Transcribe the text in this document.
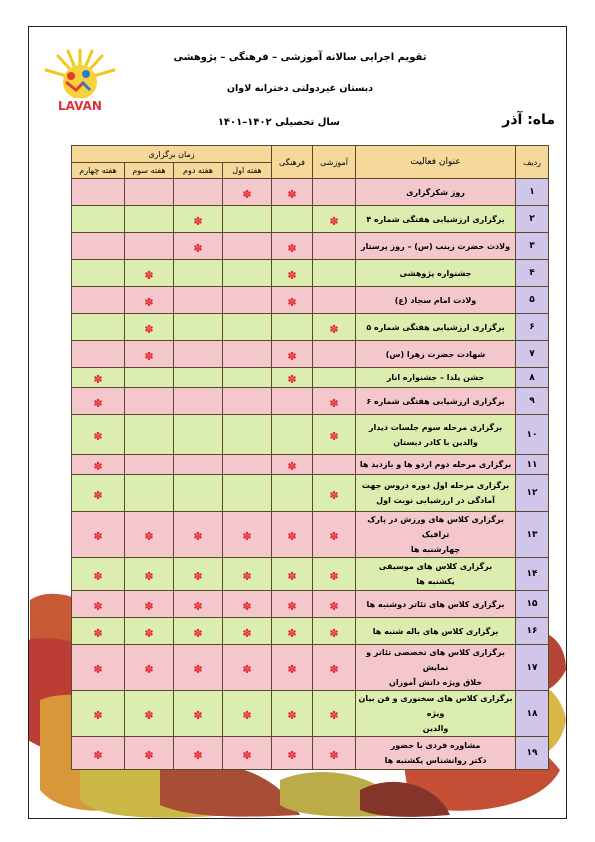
LAVAN
تقویم اجرایی سالانه آموزشی – فرهنگی – پژوهشی
دبستان غیردولتی دخترانه لاوان
ماه: آذر
سال تحصیلی ۱۴۰۲–۱۴۰۱
زمان برگزاری				فرهنگی	آموزشی	عنوان فعالیت	ردیف
هفته چهارم	هفته سوم	هفته دوم	هفته اول				
			✽	✽		روز شکرگزاری	۱
		✽			✽	برگزاری ارزشیابی هفتگی شماره ۴	۲
		✽		✽		ولادت حضرت زینب (س) – روز پرستار	۳
	✽			✽		جشنواره پژوهشی	۴
	✽			✽		ولادت امام سجاد (ع)	۵
	✽				✽	برگزاری ارزشیابی هفتگی شماره ۵	۶
	✽			✽		شهادت حضرت زهرا (س)	۷
✽				✽		جشن یلدا – جشنواره انار	۸
✽					✽	برگزاری ارزشیابی هفتگی شماره ۶	۹
✽					✽	برگزاری مرحله سوم جلسات دیدار
والدین با کادر دبستان	۱۰
✽				✽		برگزاری مرحله دوم اردو ها و بازدید ها	۱۱
✽					✽	برگزاری مرحله اول دوره دروس جهت
آمادگی در ارزشیابی نوبت اول	۱۲
✽	✽	✽	✽	✽	✽	برگزاری کلاس های ورزش در پارک ترافیک
چهارشنبه ها	۱۳
✽	✽	✽	✽	✽	✽	برگزاری کلاس های موسیقی
یکشنبه ها	۱۴
✽	✽	✽	✽	✽	✽	برگزاری کلاس های تئاتر دوشنبه ها	۱۵
✽	✽	✽	✽	✽	✽	برگزاری کلاس های باله شنبه ها	۱۶
✽	✽	✽	✽	✽	✽	برگزاری کلاس های تخصصی تئاتر و نمایش
خلاق ویژه دانش آموزان	۱۷
✽	✽	✽	✽	✽	✽	برگزاری کلاس های سخنوری و فن بیان ویژه
والدین	۱۸
✽	✽	✽	✽	✽	✽	مشاوره فردی با حضور
دکتر روانشناس یکشنبه ها	۱۹
